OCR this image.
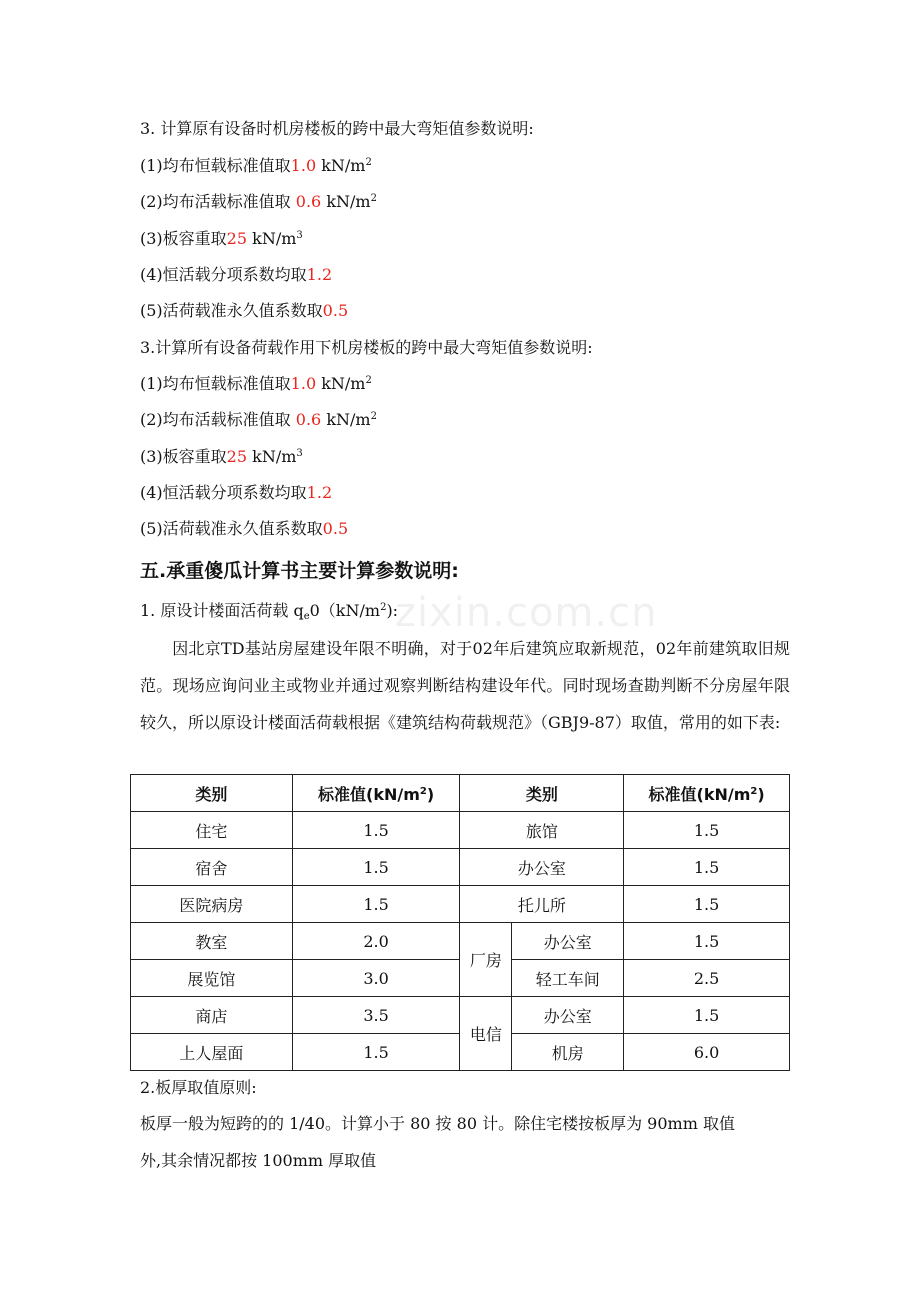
zixin.com.cn
3. 计算原有设备时机房楼板的跨中最大弯矩值参数说明:
(1)均布恒载标准值取1.0 $kN/m^2$
(2)均布活载标准值取 0.6 $kN/m^2$
(3)板容重取25 $kN/m^3$
(4)恒活载分项系数均取1.2
(5)活荷载准永久值系数取0.5
3.计算所有设备荷载作用下机房楼板的跨中最大弯矩值参数说明:
(1)均布恒载标准值取1.0 $kN/m^2$
(2)均布活载标准值取 0.6 $kN/m^2$
(3)板容重取25 $kN/m^3$
(4)恒活载分项系数均取1.2
(5)活荷载准永久值系数取0.5
五.承重傻瓜计算书主要计算参数说明:
1. 原设计楼面活荷载 $q_e0(kN/m^2)$:
因北京TD基站房屋建设年限不明确，对于02年后建筑应取新规范，02年前建筑取旧规范。现场应询问业主或物业并通过观察判断结构建设年代。同时现场查勘判断不分房屋年限较久，所以原设计楼面活荷载根据《建筑结构荷载规范》（GBJ9-87）取值，常用的如下表:
类别	标准值$(kN/m^2)$	类别		标准值$(kN/m^2)$
住宅	1.5	旅馆		1.5
宿舍	1.5	办公室		1.5
医院病房	1.5	托儿所		1.5
教室	2.0	厂房	办公室	1.5
展览馆	3.0		轻工车间	2.5
商店	3.5	电信	办公室	1.5
上人屋面	1.5		机房	6.0
2.板厚取值原则:
板厚一般为短跨的的 1/40。计算小于 80 按 80 计。除住宅楼按板厚为 90mm 取值
外,其余情况都按 100mm 厚取值
